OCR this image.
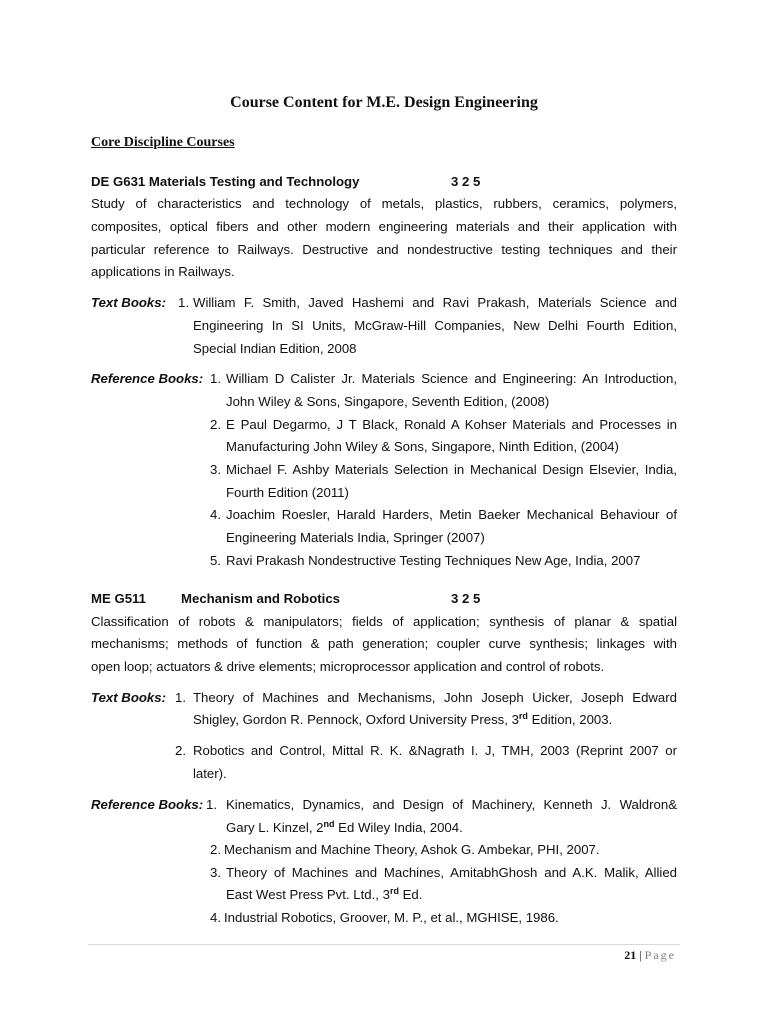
Course Content for M.E. Design Engineering
Core Discipline Courses
DE G631 Materials Testing and Technology	3 2 5
Study of characteristics and technology of metals, plastics, rubbers, ceramics, polymers,
composites, optical fibers and other modern engineering materials and their application with
particular reference to Railways. Destructive and nondestructive testing techniques and their
applications in Railways.
Text Books: 1. William F. Smith, Javed Hashemi and Ravi Prakash, Materials Science and
Engineering In SI Units, McGraw-Hill Companies, New Delhi Fourth Edition,
Special Indian Edition, 2008
Reference Books: 1. William D Calister Jr. Materials Science and Engineering: An Introduction,
John Wiley & Sons, Singapore, Seventh Edition, (2008)
2. E Paul Degarmo, J T Black, Ronald A Kohser Materials and Processes in
Manufacturing John Wiley & Sons, Singapore, Ninth Edition, (2004)
3. Michael F. Ashby Materials Selection in Mechanical Design Elsevier, India,
Fourth Edition (2011)
4. Joachim Roesler, Harald Harders, Metin Baeker Mechanical Behaviour of
Engineering Materials India, Springer (2007)
5. Ravi Prakash Nondestructive Testing Techniques New Age, India, 2007
ME G511	Mechanism and Robotics	3 2 5
Classification of robots & manipulators; fields of application; synthesis of planar & spatial
mechanisms; methods of function & path generation; coupler curve synthesis; linkages with
open loop; actuators & drive elements; microprocessor application and control of robots.
Text Books: 1. Theory of Machines and Mechanisms, John Joseph Uicker, Joseph Edward
Shigley, Gordon R. Pennock, Oxford University Press, 3rd Edition, 2003.
2. Robotics and Control, Mittal R. K. &Nagrath I. J, TMH, 2003 (Reprint 2007 or
later).
Reference Books: 1. Kinematics, Dynamics, and Design of Machinery, Kenneth J. Waldron&
Gary L. Kinzel, 2nd Ed Wiley India, 2004.
2. Mechanism and Machine Theory, Ashok G. Ambekar, PHI, 2007.
3. Theory of Machines and Machines, AmitabhGhosh and A.K. Malik, Allied
East West Press Pvt. Ltd., 3rd Ed.
4. Industrial Robotics, Groover, M. P., et al., MGHISE, 1986.
21 | Page
